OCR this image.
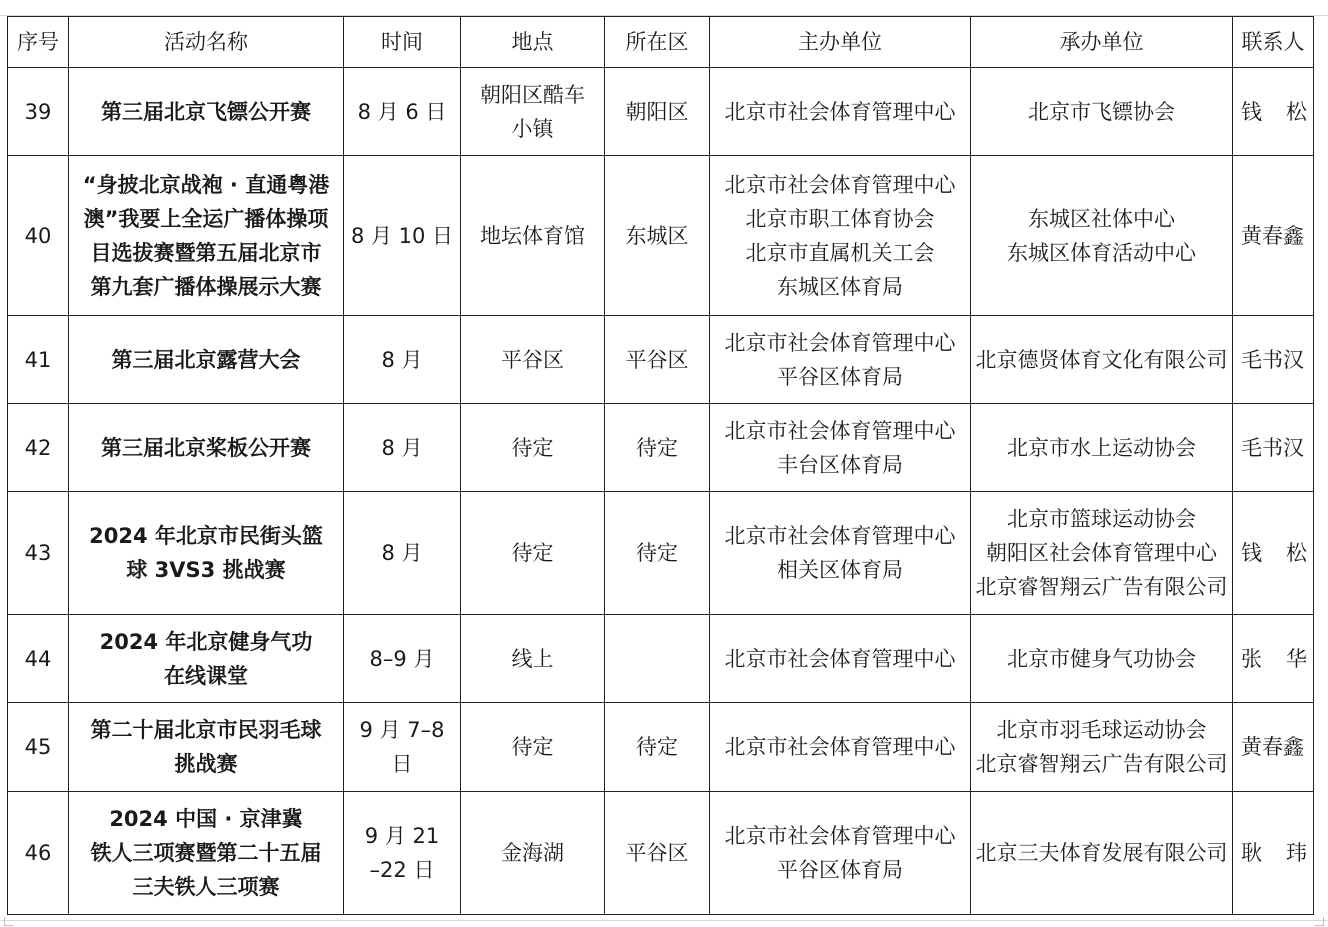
序号	活动名称	时间	地点	所在区	主办单位	承办单位	联系人
39	第三届北京飞镖公开赛	8 月 6 日	朝阳区酷车
小镇	朝阳区	北京市社会体育管理中心	北京市飞镖协会	钱 松
40	“身披北京战袍 · 直通粤港
澳”我要上全运广播体操项
目选拔赛暨第五届北京市
第九套广播体操展示大赛	8 月 10 日	地坛体育馆	东城区	北京市社会体育管理中心
北京市职工体育协会
北京市直属机关工会
东城区体育局	东城区社体中心
东城区体育活动中心	黄春鑫
41	第三届北京露营大会	8 月	平谷区	平谷区	北京市社会体育管理中心
平谷区体育局	北京德贤体育文化有限公司	毛书汉
42	第三届北京桨板公开赛	8 月	待定	待定	北京市社会体育管理中心
丰台区体育局	北京市水上运动协会	毛书汉
43	2024 年北京市民街头篮
球 3VS3 挑战赛	8 月	待定	待定	北京市社会体育管理中心
相关区体育局	北京市篮球运动协会
朝阳区社会体育管理中心
北京睿智翔云广告有限公司	钱 松
44	2024 年北京健身气功
在线课堂	8–9 月	线上		北京市社会体育管理中心	北京市健身气功协会	张 华
45	第二十届北京市民羽毛球
挑战赛	9 月 7–8
日	待定	待定	北京市社会体育管理中心	北京市羽毛球运动协会
北京睿智翔云广告有限公司	黄春鑫
46	2024 中国 · 京津冀
铁人三项赛暨第二十五届
三夫铁人三项赛	9 月 21
–22 日	金海湖	平谷区	北京市社会体育管理中心
平谷区体育局	北京三夫体育发展有限公司	耿 玮
